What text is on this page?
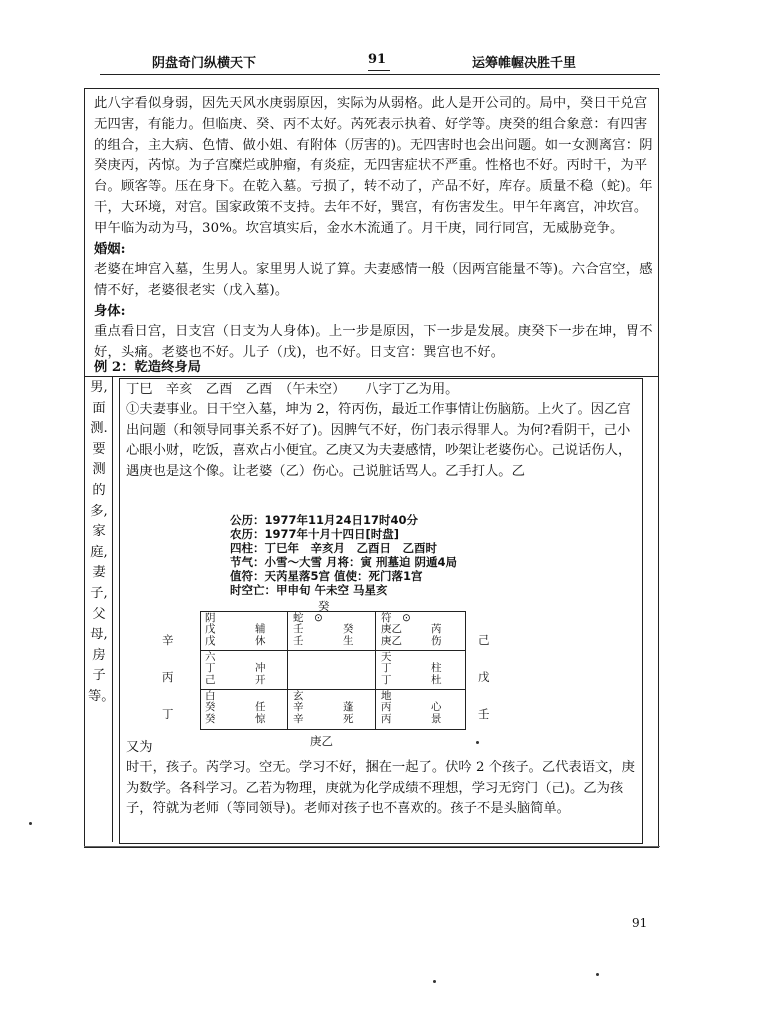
阴盘奇门纵横天下	91	运筹帷幄决胜千里
此八字看似身弱，因先天风水庚弱原因，实际为从弱格。此人是开公司的。局中，癸日干兑宫无四害，有能力。但临庚、癸、丙不太好。芮死表示执着、好学等。庚癸的组合象意：有四害的组合，主大病、色情、做小姐、有附体（厉害的)。无四害时也会出问题。如一女测离宫：阴癸庚丙，芮惊。为子宫糜烂或肿瘤，有炎症，无四害症状不严重。性格也不好。丙时干，为平台。顾客等。压在身下。在乾入墓。亏损了，转不动了，产品不好，库存。质量不稳（蛇)。年干，大环境，对宫。国家政策不支持。去年不好，巽宫，有伤害发生。甲午年离宫，冲坎宫。甲午临为动为马，30%。坎宫填实后，金水木流通了。月干庚，同行同宫，无威胁竞争。
婚姻:
老婆在坤宫入墓，生男人。家里男人说了算。夫妻感情一般（因两宫能量不等)。六合宫空，感情不好，老婆很老实（戊入墓)。
身体:
重点看日宫，日支宫（日支为人身体)。上一步是原因，下一步是发展。庚癸下一步在坤，胃不好，头痛。老婆也不好。儿子（戊)，也不好。日支宫：巽宫也不好。
例 2：乾造终身局
男,
面
测.
要
测
的
多,
家
庭,
妻
子,
父
母,
房
子
等。
丁巳　辛亥　乙酉　乙酉　（午未空）　　八字丁乙为用。
①夫妻事业。日干空入墓，坤为 2，符丙伤，最近工作事情让伤脑筋。上火了。因乙宫出问题（和领导同事关系不好了)。因脾气不好，伤门表示得罪人。为何?看阴干，己小心眼小财，吃饭，喜欢占小便宜。乙庚又为夫妻感情，吵架让老婆伤心。己说话伤人，遇庚也是这个像。让老婆（乙）伤心。己说脏话骂人。乙手打人。乙
公历：1977年11月24日17时40分
农历：1977年十月十四日[时盘]
四柱：丁巳年　辛亥月　乙酉日　乙酉时
节气：小雪～大雪 月将：寅 刑墓迫 阴遁4局
值符：天芮星落5宫 值使：死门落1宫
时空亡：甲申旬 午未空 马星亥
癸
庚乙
辛
丙
丁
己
戊
壬
阴
戊
戊
辅
休
蛇　⊙
壬
壬
癸
生
符　⊙
庚乙
庚乙
芮
伤
六
丁
己
冲
开
天
丁
丁
柱
杜
白
癸
癸
任
惊
玄
辛
辛
蓬
死
地
丙
丙
心
景
又为
时干，孩子。芮学习。空无。学习不好，捆在一起了。伏吟 2 个孩子。乙代表语文，庚为数学。各科学习。乙若为物理，庚就为化学成绩不理想，学习无窍门（己)。乙为孩子，符就为老师（等同领导)。老师对孩子也不喜欢的。孩子不是头脑简单。
91
